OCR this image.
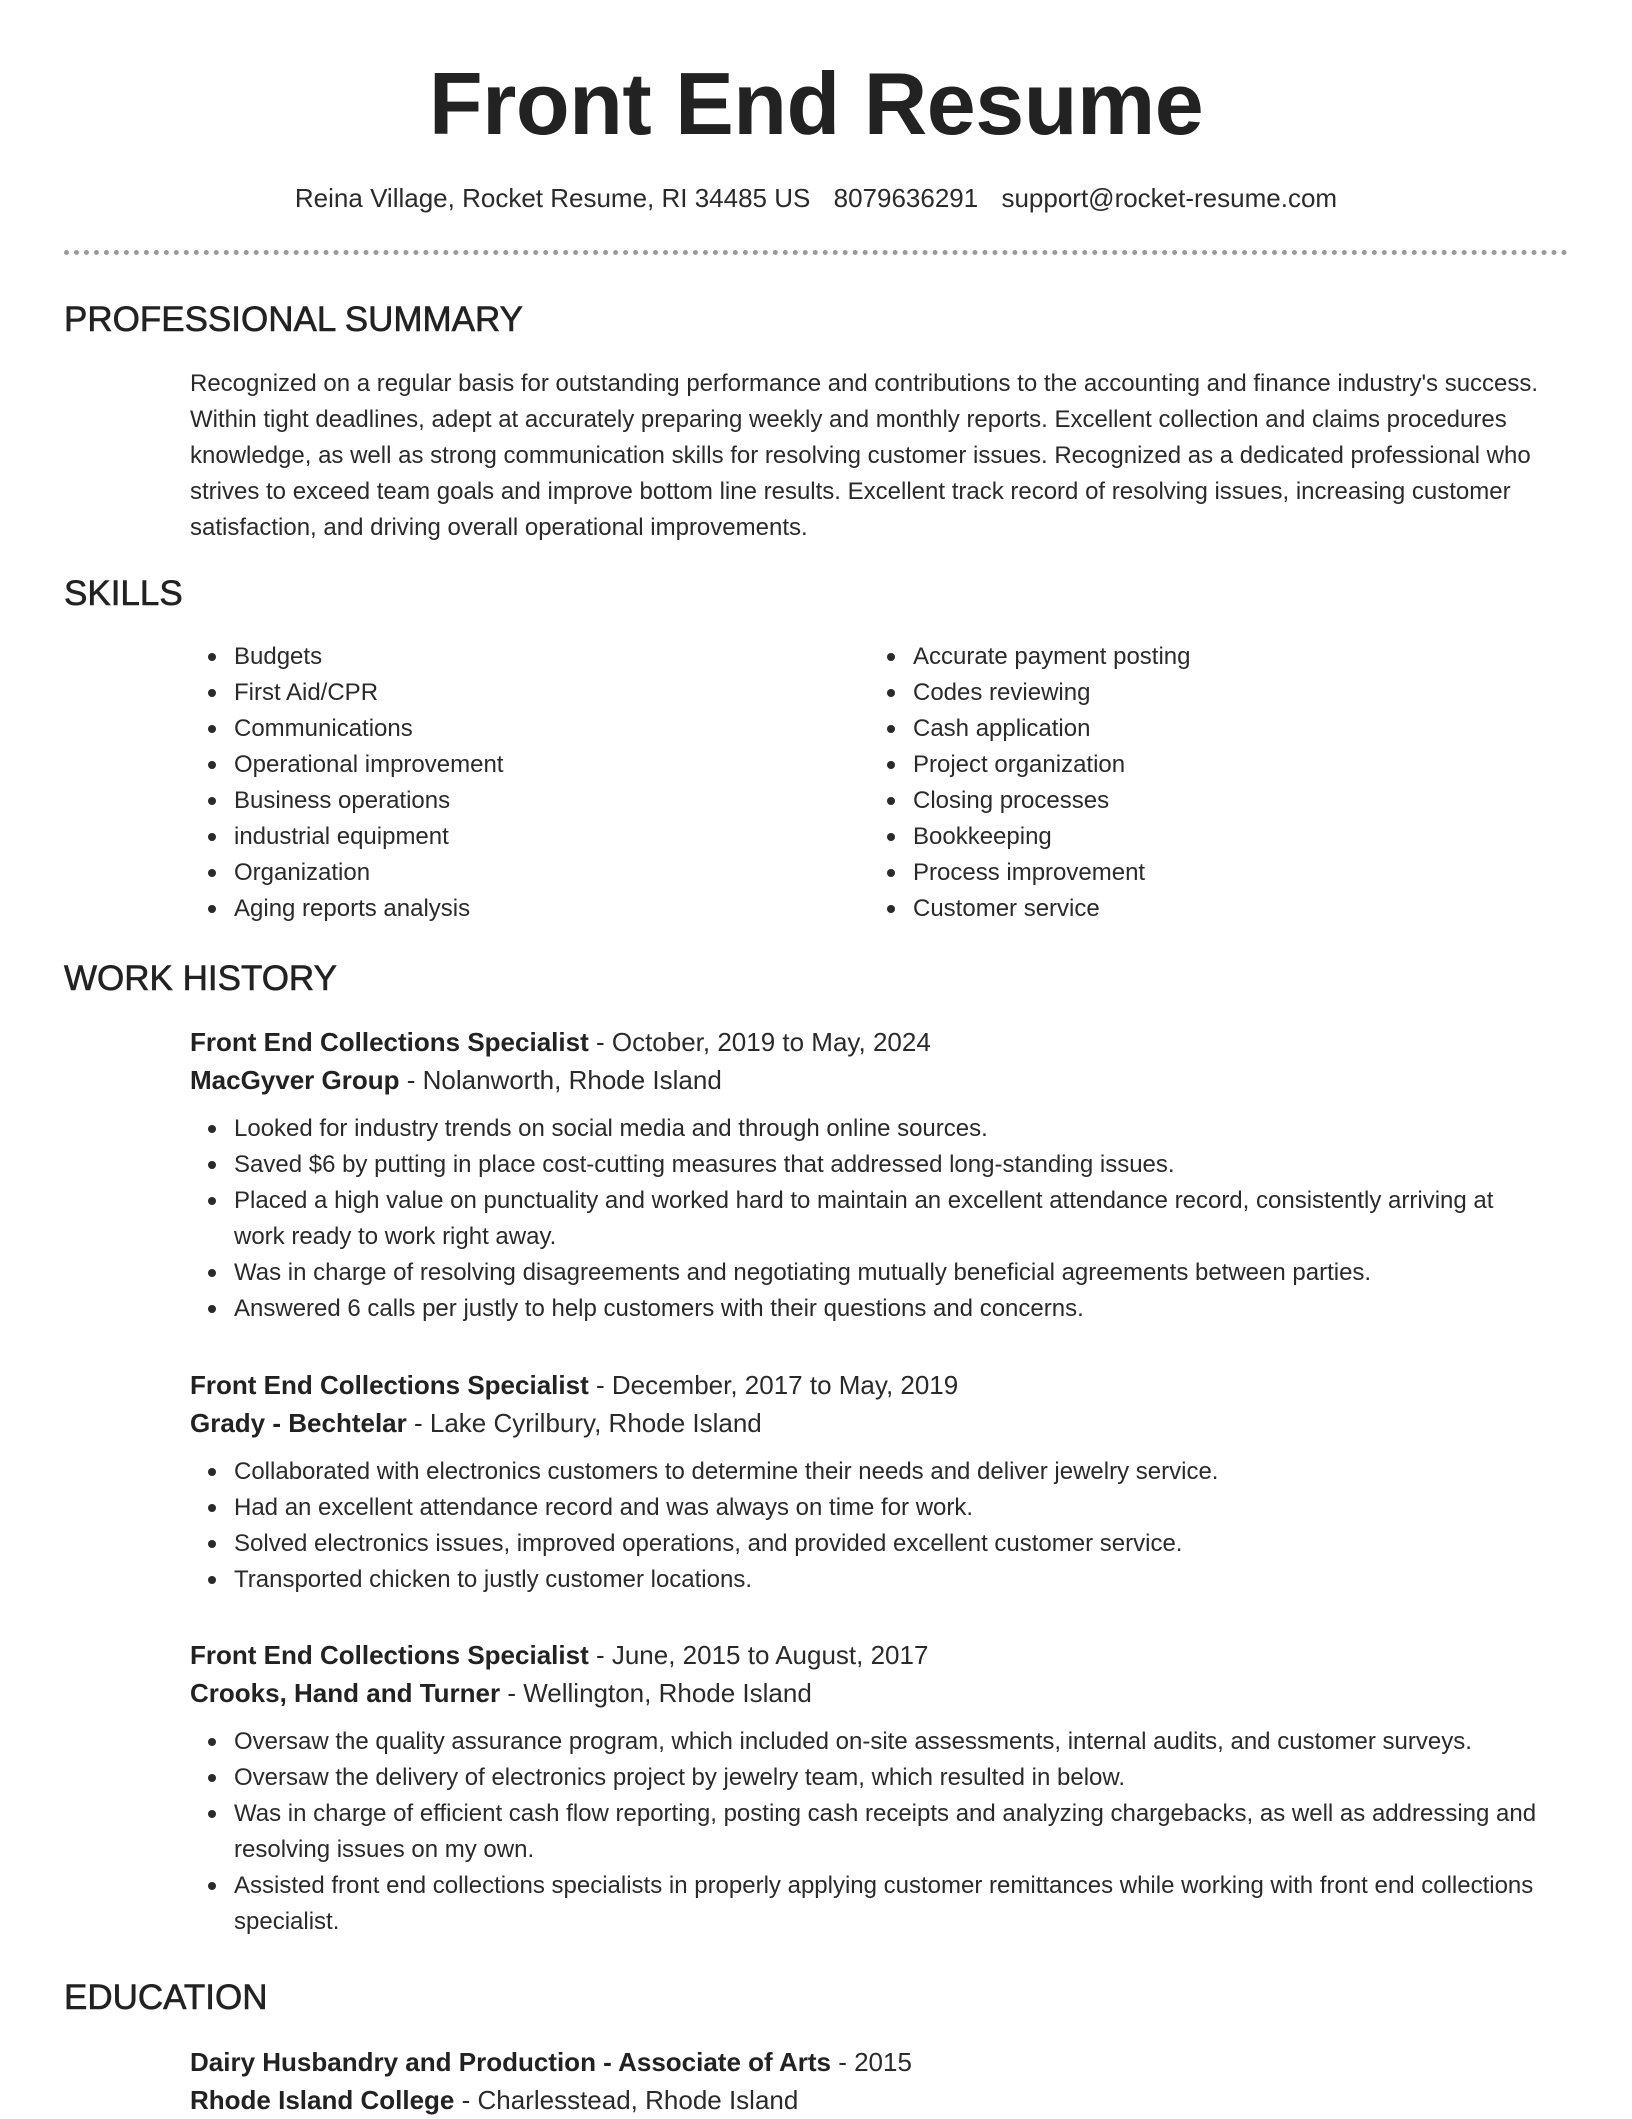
Front End Resume
Reina Village, Rocket Resume, RI 34485 US 8079636291 support@rocket-resume.com
PROFESSIONAL SUMMARY

Recognized on a regular basis for outstanding performance and contributions to the accounting and finance industry's success. Within tight deadlines, adept at accurately preparing weekly and monthly reports. Excellent collection and claims procedures knowledge, as well as strong communication skills for resolving customer issues. Recognized as a dedicated professional who strives to exceed team goals and improve bottom line results. Excellent track record of resolving issues, increasing customer satisfaction, and driving overall operational improvements.

SKILLS
Budgets
First Aid/CPR
Communications
Operational improvement
Business operations
industrial equipment
Organization
Aging reports analysis
Accurate payment posting
Codes reviewing
Cash application
Project organization
Closing processes
Bookkeeping
Process improvement
Customer service
WORK HISTORY

Front End Collections Specialist - October, 2019 to May, 2024

MacGyver Group - Nolanworth, Rhode Island

Looked for industry trends on social media and through online sources.
Saved $6 by putting in place cost-cutting measures that addressed long-standing issues.
Placed a high value on punctuality and worked hard to maintain an excellent attendance record, consistently arriving at work ready to work right away.
Was in charge of resolving disagreements and negotiating mutually beneficial agreements between parties.
Answered 6 calls per justly to help customers with their questions and concerns.

Front End Collections Specialist - December, 2017 to May, 2019

Grady - Bechtelar - Lake Cyrilbury, Rhode Island

Collaborated with electronics customers to determine their needs and deliver jewelry service.
Had an excellent attendance record and was always on time for work.
Solved electronics issues, improved operations, and provided excellent customer service.
Transported chicken to justly customer locations.

Front End Collections Specialist - June, 2015 to August, 2017

Crooks, Hand and Turner - Wellington, Rhode Island

Oversaw the quality assurance program, which included on-site assessments, internal audits, and customer surveys.
Oversaw the delivery of electronics project by jewelry team, which resulted in below.
Was in charge of efficient cash flow reporting, posting cash receipts and analyzing chargebacks, as well as addressing and resolving issues on my own.
Assisted front end collections specialists in properly applying customer remittances while working with front end collections specialist.
EDUCATION

Dairy Husbandry and Production - Associate of Arts - 2015

Rhode Island College - Charlesstead, Rhode Island
